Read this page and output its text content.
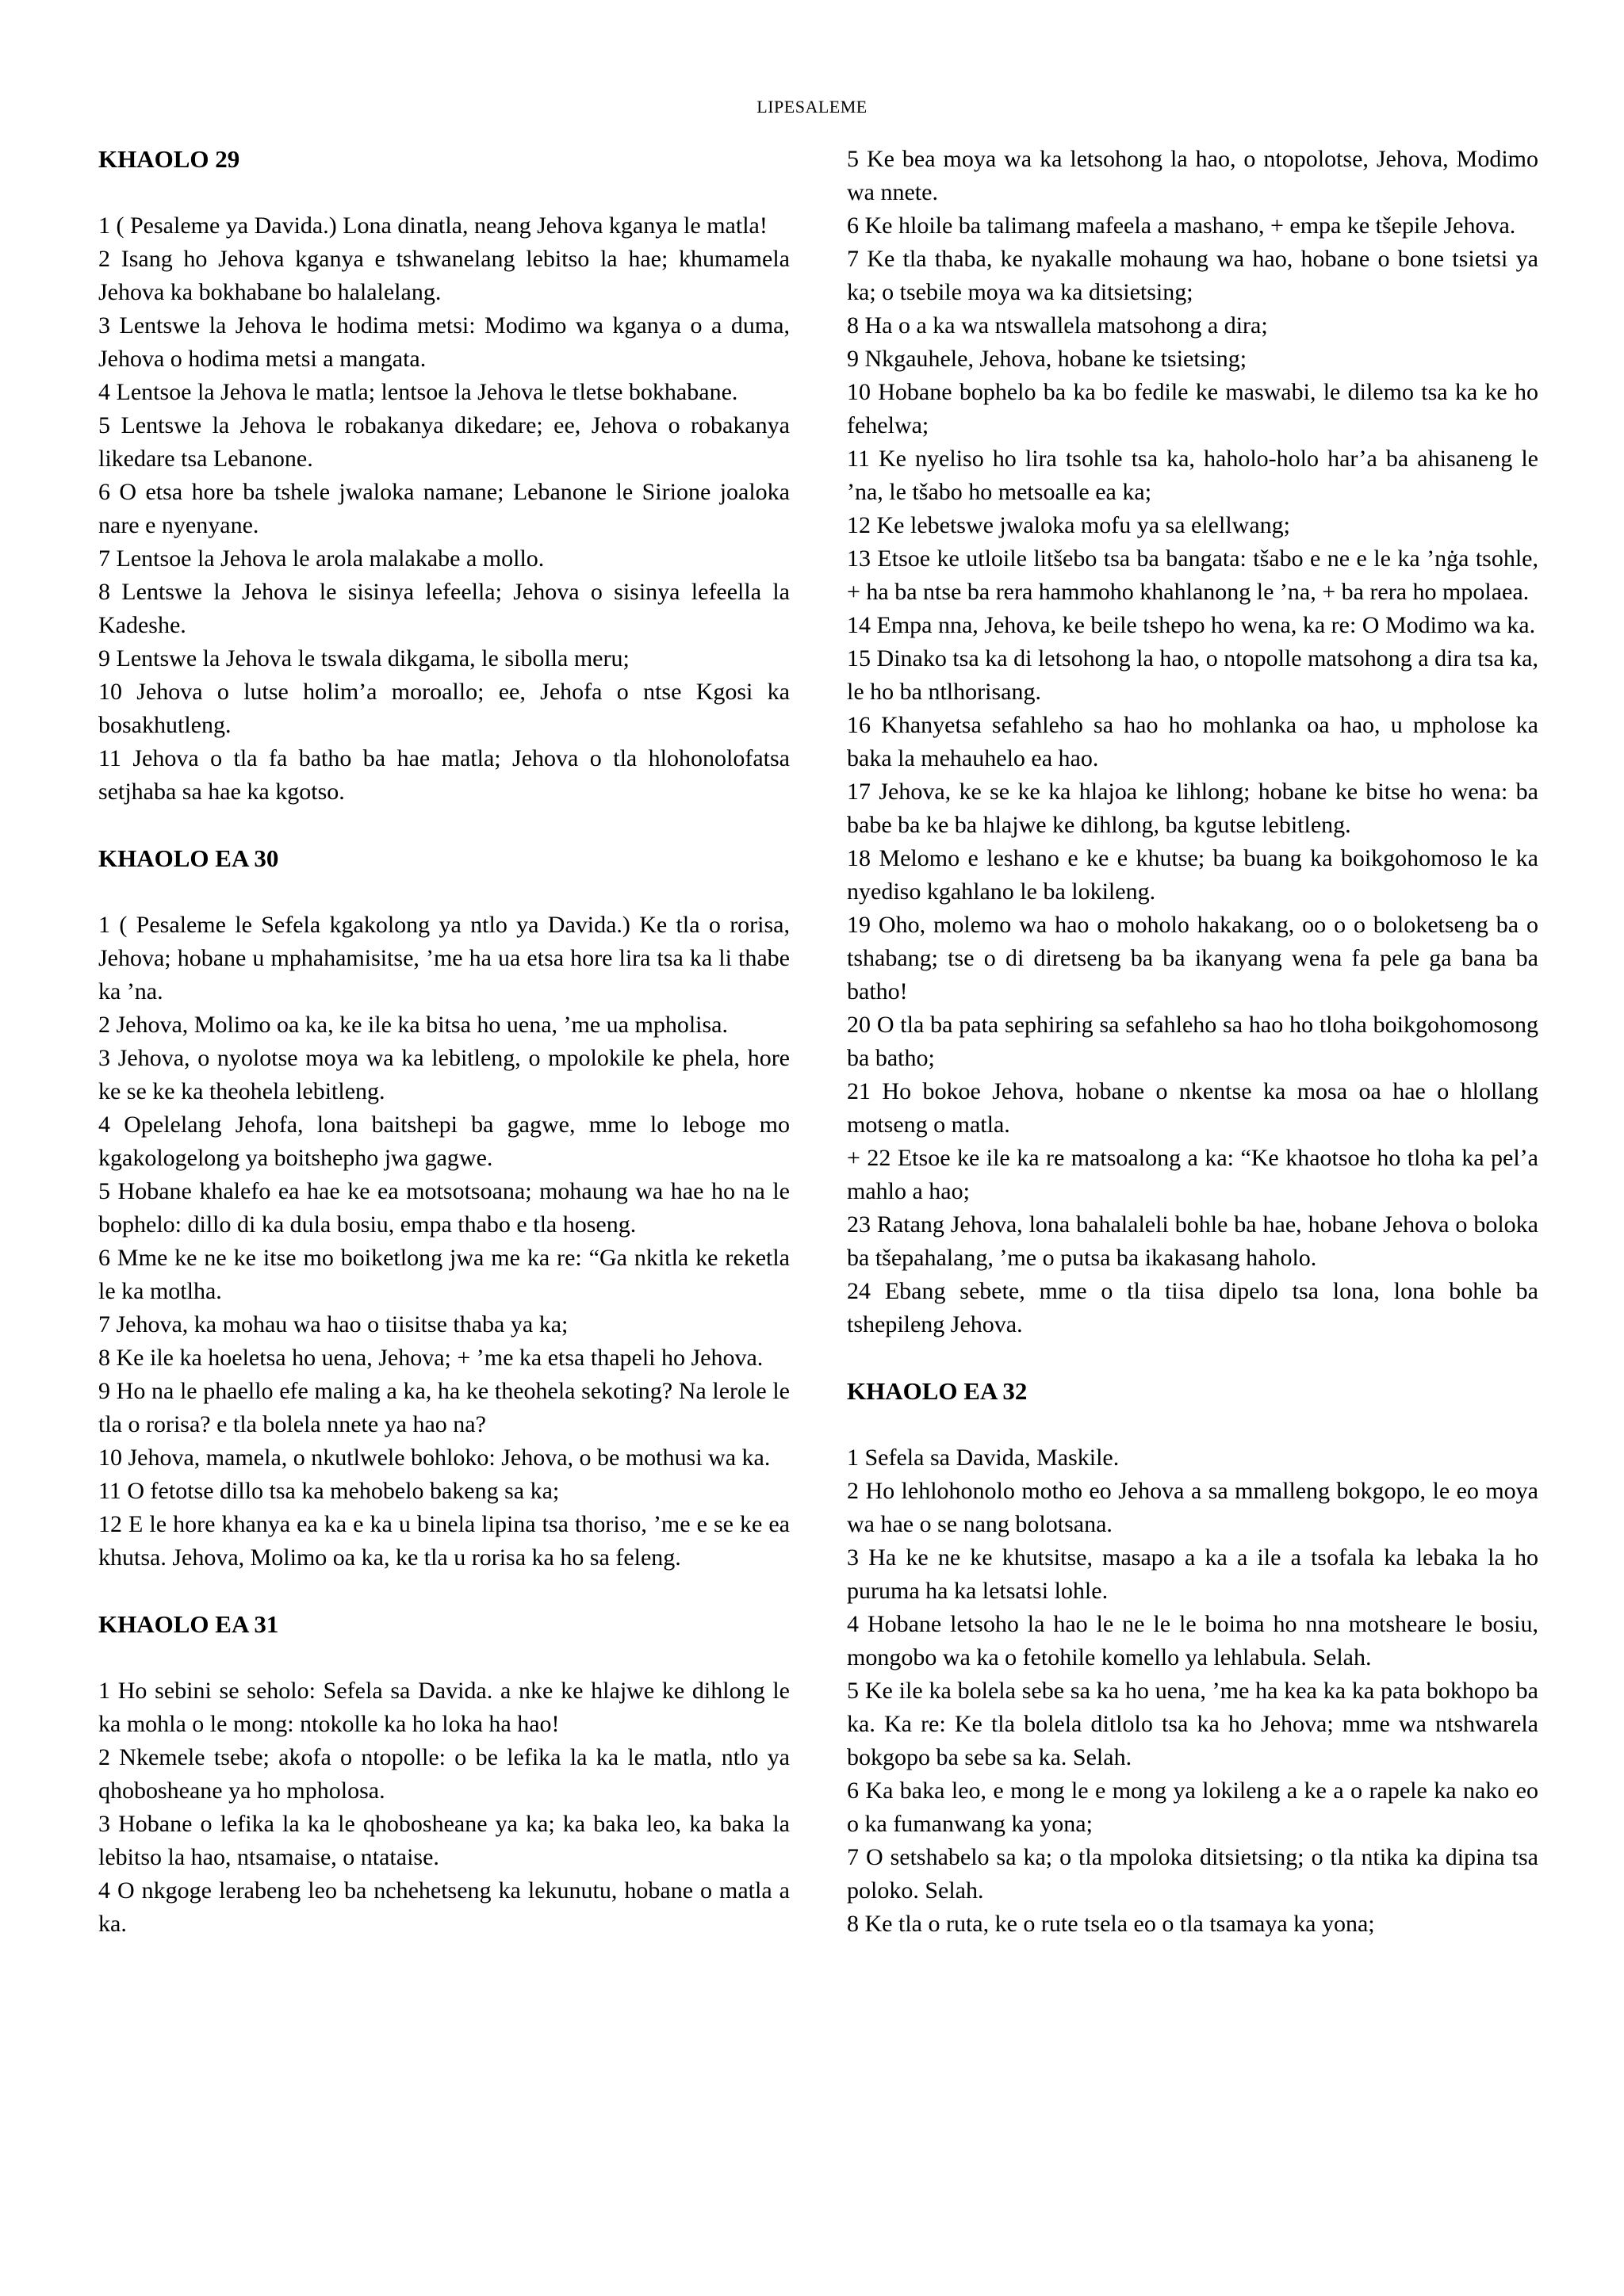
LIPESALEME
KHAOLO 29

1 ( Pesaleme ya Davida.) Lona dinatla, neang Jehova kganya le matla!

2 Isang ho Jehova kganya e tshwanelang lebitso la hae; khumamela Jehova ka bokhabane bo halalelang.

3 Lentswe la Jehova le hodima metsi: Modimo wa kganya o a duma, Jehova o hodima metsi a mangata.

4 Lentsoe la Jehova le matla; lentsoe la Jehova le tletse bokhabane.

5 Lentswe la Jehova le robakanya dikedare; ee, Jehova o robakanya likedare tsa Lebanone.

6 O etsa hore ba tshele jwaloka namane; Lebanone le Sirione joaloka nare e nyenyane.

7 Lentsoe la Jehova le arola malakabe a mollo.

8 Lentswe la Jehova le sisinya lefeella; Jehova o sisinya lefeella la Kadeshe.

9 Lentswe la Jehova le tswala dikgama, le sibolla meru;

10 Jehova o lutse holim’a moroallo; ee, Jehofa o ntse Kgosi ka bosakhutleng.

11 Jehova o tla fa batho ba hae matla; Jehova o tla hlohonolofatsa setjhaba sa hae ka kgotso.

KHAOLO EA 30

1 ( Pesaleme le Sefela kgakolong ya ntlo ya Davida.) Ke tla o rorisa, Jehova; hobane u mphahamisitse, ’me ha ua etsa hore lira tsa ka li thabe ka ’na.

2 Jehova, Molimo oa ka, ke ile ka bitsa ho uena, ’me ua mpholisa.

3 Jehova, o nyolotse moya wa ka lebitleng, o mpolokile ke phela, hore ke se ke ka theohela lebitleng.

4 Opelelang Jehofa, lona baitshepi ba gagwe, mme lo leboge mo kgakologelong ya boitshepho jwa gagwe.

5 Hobane khalefo ea hae ke ea motsotsoana; mohaung wa hae ho na le bophelo: dillo di ka dula bosiu, empa thabo e tla hoseng.

6 Mme ke ne ke itse mo boiketlong jwa me ka re: “Ga nkitla ke reketla le ka motlha.

7 Jehova, ka mohau wa hao o tiisitse thaba ya ka;

8 Ke ile ka hoeletsa ho uena, Jehova; + ’me ka etsa thapeli ho Jehova.

9 Ho na le phaello efe maling a ka, ha ke theohela sekoting? Na lerole le tla o rorisa? e tla bolela nnete ya hao na?

10 Jehova, mamela, o nkutlwele bohloko: Jehova, o be mothusi wa ka.

11 O fetotse dillo tsa ka mehobelo bakeng sa ka;

12 E le hore khanya ea ka e ka u binela lipina tsa thoriso, ’me e se ke ea khutsa. Jehova, Molimo oa ka, ke tla u rorisa ka ho sa feleng.

KHAOLO EA 31

1 Ho sebini se seholo: Sefela sa Davida. a nke ke hlajwe ke dihlong le ka mohla o le mong: ntokolle ka ho loka ha hao!

2 Nkemele tsebe; akofa o ntopolle: o be lefika la ka le matla, ntlo ya qhobosheane ya ho mpholosa.

3 Hobane o lefika la ka le qhobosheane ya ka; ka baka leo, ka baka la lebitso la hao, ntsamaise, o ntataise.

4 O nkgoge lerabeng leo ba nchehetseng ka lekunutu, hobane o matla a ka.

5 Ke bea moya wa ka letsohong la hao, o ntopolotse, Jehova, Modimo wa nnete.

6 Ke hloile ba talimang mafeela a mashano, + empa ke tšepile Jehova.

7 Ke tla thaba, ke nyakalle mohaung wa hao, hobane o bone tsietsi ya ka; o tsebile moya wa ka ditsietsing;

8 Ha o a ka wa ntswallela matsohong a dira;

9 Nkgauhele, Jehova, hobane ke tsietsing;

10 Hobane bophelo ba ka bo fedile ke maswabi, le dilemo tsa ka ke ho fehelwa;

11 Ke nyeliso ho lira tsohle tsa ka, haholo-holo har’a ba ahisaneng le ’na, le tšabo ho metsoalle ea ka;

12 Ke lebetswe jwaloka mofu ya sa elellwang;

13 Etsoe ke utloile litšebo tsa ba bangata: tšabo e ne e le ka ’nġa tsohle, + ha ba ntse ba rera hammoho khahlanong le ’na, + ba rera ho mpolaea.

14 Empa nna, Jehova, ke beile tshepo ho wena, ka re: O Modimo wa ka.

15 Dinako tsa ka di letsohong la hao, o ntopolle matsohong a dira tsa ka, le ho ba ntlhorisang.

16 Khanyetsa sefahleho sa hao ho mohlanka oa hao, u mpholose ka baka la mehauhelo ea hao.

17 Jehova, ke se ke ka hlajoa ke lihlong; hobane ke bitse ho wena: ba babe ba ke ba hlajwe ke dihlong, ba kgutse lebitleng.

18 Melomo e leshano e ke e khutse; ba buang ka boikgohomoso le ka nyediso kgahlano le ba lokileng.

19 Oho, molemo wa hao o moholo hakakang, oo o o boloketseng ba o tshabang; tse o di diretseng ba ba ikanyang wena fa pele ga bana ba batho!

20 O tla ba pata sephiring sa sefahleho sa hao ho tloha boikgohomosong ba batho;

21 Ho bokoe Jehova, hobane o nkentse ka mosa oa hae o hlollang motseng o matla.

+ 22 Etsoe ke ile ka re matsoalong a ka: “Ke khaotsoe ho tloha ka pel’a mahlo a hao;

23 Ratang Jehova, lona bahalaleli bohle ba hae, hobane Jehova o boloka ba tšepahalang, ’me o putsa ba ikakasang haholo.

24 Ebang sebete, mme o tla tiisa dipelo tsa lona, lona bohle ba tshepileng Jehova.

KHAOLO EA 32

1 Sefela sa Davida, Maskile.

2 Ho lehlohonolo motho eo Jehova a sa mmalleng bokgopo, le eo moya wa hae o se nang bolotsana.

3 Ha ke ne ke khutsitse, masapo a ka a ile a tsofala ka lebaka la ho puruma ha ka letsatsi lohle.

4 Hobane letsoho la hao le ne le le boima ho nna motsheare le bosiu, mongobo wa ka o fetohile komello ya lehlabula. Selah.

5 Ke ile ka bolela sebe sa ka ho uena, ’me ha kea ka ka pata bokhopo ba ka. Ka re: Ke tla bolela ditlolo tsa ka ho Jehova; mme wa ntshwarela bokgopo ba sebe sa ka. Selah.

6 Ka baka leo, e mong le e mong ya lokileng a ke a o rapele ka nako eo o ka fumanwang ka yona;

7 O setshabelo sa ka; o tla mpoloka ditsietsing; o tla ntika ka dipina tsa poloko. Selah.

8 Ke tla o ruta, ke o rute tsela eo o tla tsamaya ka yona;
